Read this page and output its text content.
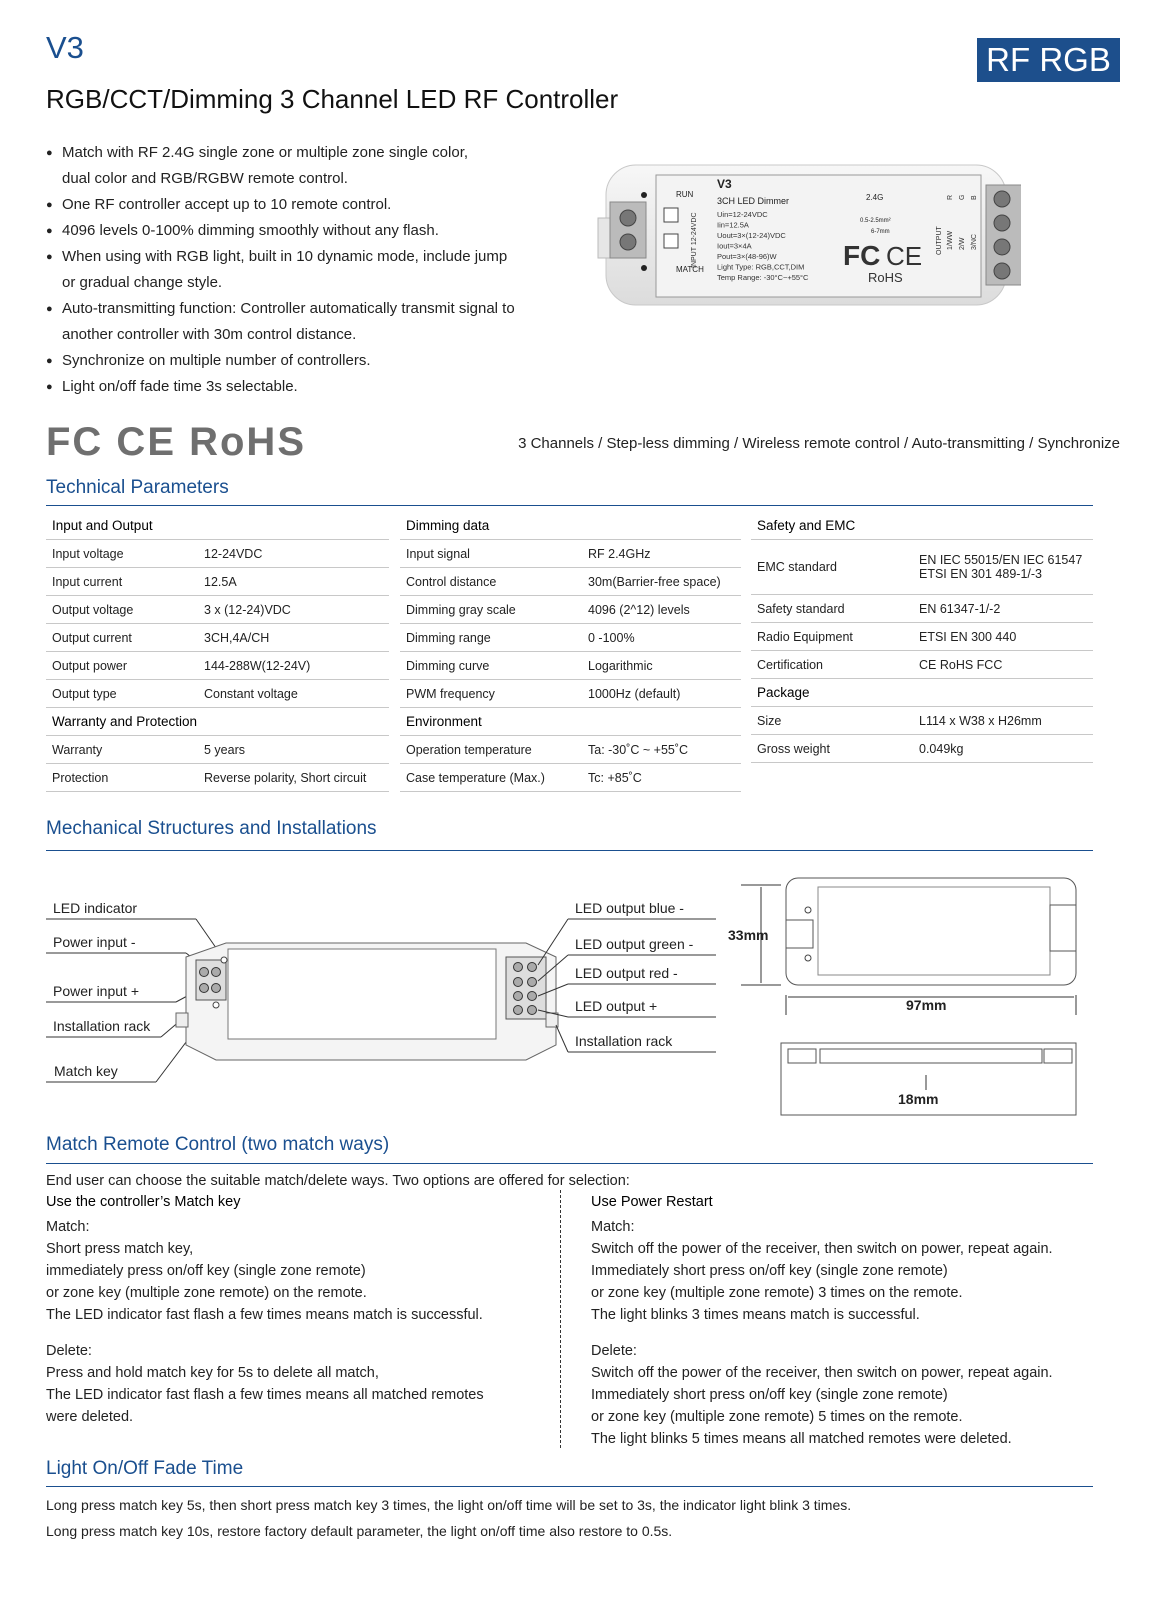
V3	RF RGB
RGB/CCT/Dimming 3 Channel LED RF Controller
● Match with RF 2.4G single zone or multiple zone single color,
dual color and RGB/RGBW remote control.
● One RF controller accept up to 10 remote control.
● 4096 levels 0-100% dimming smoothly without any flash.
● When using with RGB light, built in 10 dynamic mode, include jump
or gradual change style.
● Auto-transmitting function: Controller automatically transmit signal to
another controller with 30m control distance.
● Synchronize on multiple number of controllers.
● Light on/off fade time 3s selectable.
RUN
MATCH
V3
3CH LED Dimmer
Uin=12-24VDC
Iin=12.5A
Uout=3×(12-24)VDC
Iout=3×4A
Pout=3×(48-96)W
Light Type: RGB,CCT,DIM
Temp Range: -30°C~+55°C
2.4G
0.5-2.5mm²
6-7mm
FC CE
RoHS
1/WW
R
2/W
G
3/NC
B
OUTPUT
INPUT 12-24VDC
FC CE RoHS	3 Channels / Step-less dimming / Wireless remote control / Auto-transmitting / Synchronize
Technical Parameters
Input and Output	
Input voltage	12-24VDC
Input current	12.5A
Output voltage	3 x (12-24)VDC
Output current	3CH,4A/CH
Output power	144-288W(12-24V)
Output type	Constant voltage
Warranty and Protection	
Warranty	5 years
Protection	Reverse polarity, Short circuit
Dimming data	
Input signal	RF 2.4GHz
Control distance	30m(Barrier-free space)
Dimming gray scale	4096 (2^12) levels
Dimming range	0 -100%
Dimming curve	Logarithmic
PWM frequency	1000Hz (default)
Environment	
Operation temperature	Ta: -30˚C ~ +55˚C
Case temperature (Max.)	Tc: +85˚C
Safety and EMC	
EMC standard	EN IEC 55015/EN IEC 61547
ETSI EN 301 489-1/-3

Safety standard	EN 61347-1/-2
Radio Equipment	ETSI EN 300 440
Certification	CE RoHS FCC
Package	
Size	L114 x W38 x H26mm
Gross weight	0.049kg
Mechanical Structures and Installations
LED indicator
Power input -
Power input +
Installation rack
Match key
LED output blue -
LED output green -
LED output red -
LED output +
Installation rack
33mm
97mm
18mm
Match Remote Control (two match ways)
End user can choose the suitable match/delete ways. Two options are offered for selection:
Use the controller’s Match key
Match:
Short press match key,
immediately press on/off key (single zone remote)
or zone key (multiple zone remote) on the remote.
The LED indicator fast flash a few times means match is successful.
Delete:
Press and hold match key for 5s to delete all match,
The LED indicator fast flash a few times means all matched remotes
were deleted.
Use Power Restart
Match:
Switch off the power of the receiver, then switch on power, repeat again.
Immediately short press on/off key (single zone remote)
or zone key (multiple zone remote) 3 times on the remote.
The light blinks 3 times means match is successful.
Delete:
Switch off the power of the receiver, then switch on power, repeat again.
Immediately short press on/off key (single zone remote)
or zone key (multiple zone remote) 5 times on the remote.
The light blinks 5 times means all matched remotes were deleted.
Light On/Off Fade Time
Long press match key 5s, then short press match key 3 times, the light on/off time will be set to 3s, the indicator light blink 3 times.
Long press match key 10s, restore factory default parameter, the light on/off time also restore to 0.5s.
